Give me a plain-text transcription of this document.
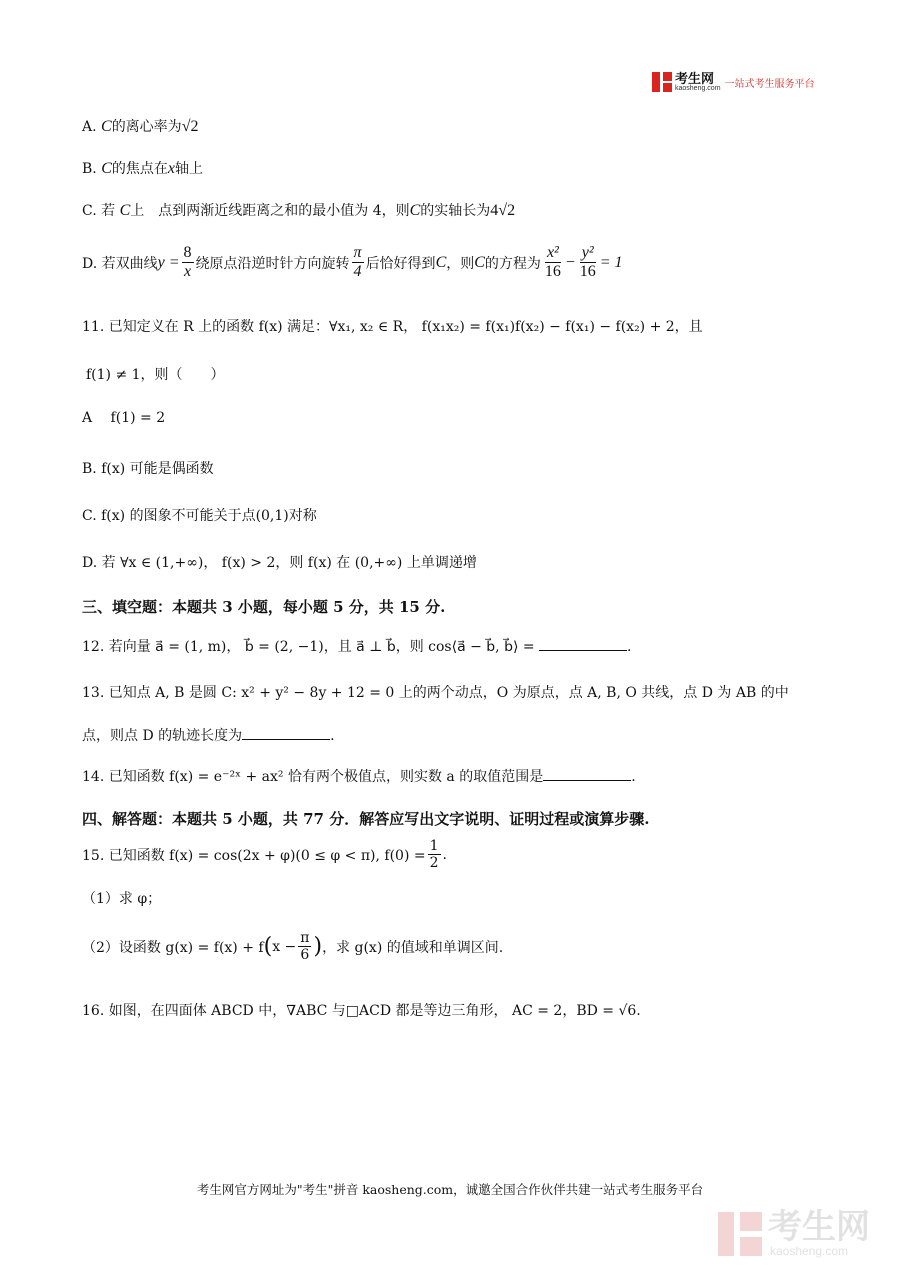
考生网
kaosheng.com 一站式考生服务平台
A. C的离心率为√2
B. C的焦点在x轴上
C. 若 C上　点到两渐近线距离之和的最小值为 4，则C的实轴长为4√2
D. 若双曲线 $y = \frac{8}{x}$ 绕原点沿逆时针方向旋转 $\frac{\pi}{4}$ 后恰好得到 C ，则 C 的方程为 $\frac{\text{x²}}{16} - \frac{\text{y²}}{16} = 1$
11. 已知定义在 R 上的函数 f(x) 满足：∀x₁, x₂ ∈ R， f(x₁x₂) = f(x₁)f(x₂) − f(x₁) − f(x₂) + 2，且
f(1) ≠ 1，则（　　）
A　 f(1) = 2
B. f(x) 可能是偶函数
C. f(x) 的图象不可能关于点(0,1)对称
D. 若 ∀x ∈ (1,+∞)， f(x) > 2，则 f(x) 在 (0,+∞) 上单调递增
三、填空题：本题共 3 小题，每小题 5 分，共 15 分.
12. 若向量 a⃗ = (1, m)， b⃗ = (2, −1)，且 a⃗ ⊥ b⃗，则 cos⟨a⃗ − b⃗, b⃗⟩ =	.
13. 已知点 A, B 是圆 C: x² + y² − 8y + 12 = 0 上的两个动点，O 为原点，点 A, B, O 共线，点 D 为 AB 的中
点，则点 D 的轨迹长度为	.
14. 已知函数 f(x) = e⁻²ˣ + ax² 恰有两个极值点，则实数 a 的取值范围是	.
四、解答题：本题共 5 小题，共 77 分．解答应写出文字说明、证明过程或演算步骤.
15. 已知函数 f(x) = cos(2x + φ)(0 ≤ φ < π), $f(0) = \frac{1}{2}$ .
（1）求 φ；
（2）设函数 g(x) = f(x) + f ( $x - \frac{\pi}{6}$ ) ，求 g(x) 的值域和单调区间.
16. 如图，在四面体 ABCD 中，∇ABC 与□ACD 都是等边三角形， AC = 2，BD = √6.
考生网官方网址为"考生"拼音 kaosheng.com，诚邀全国合作伙伴共建一站式考生服务平台
考生网
kaosheng.com
